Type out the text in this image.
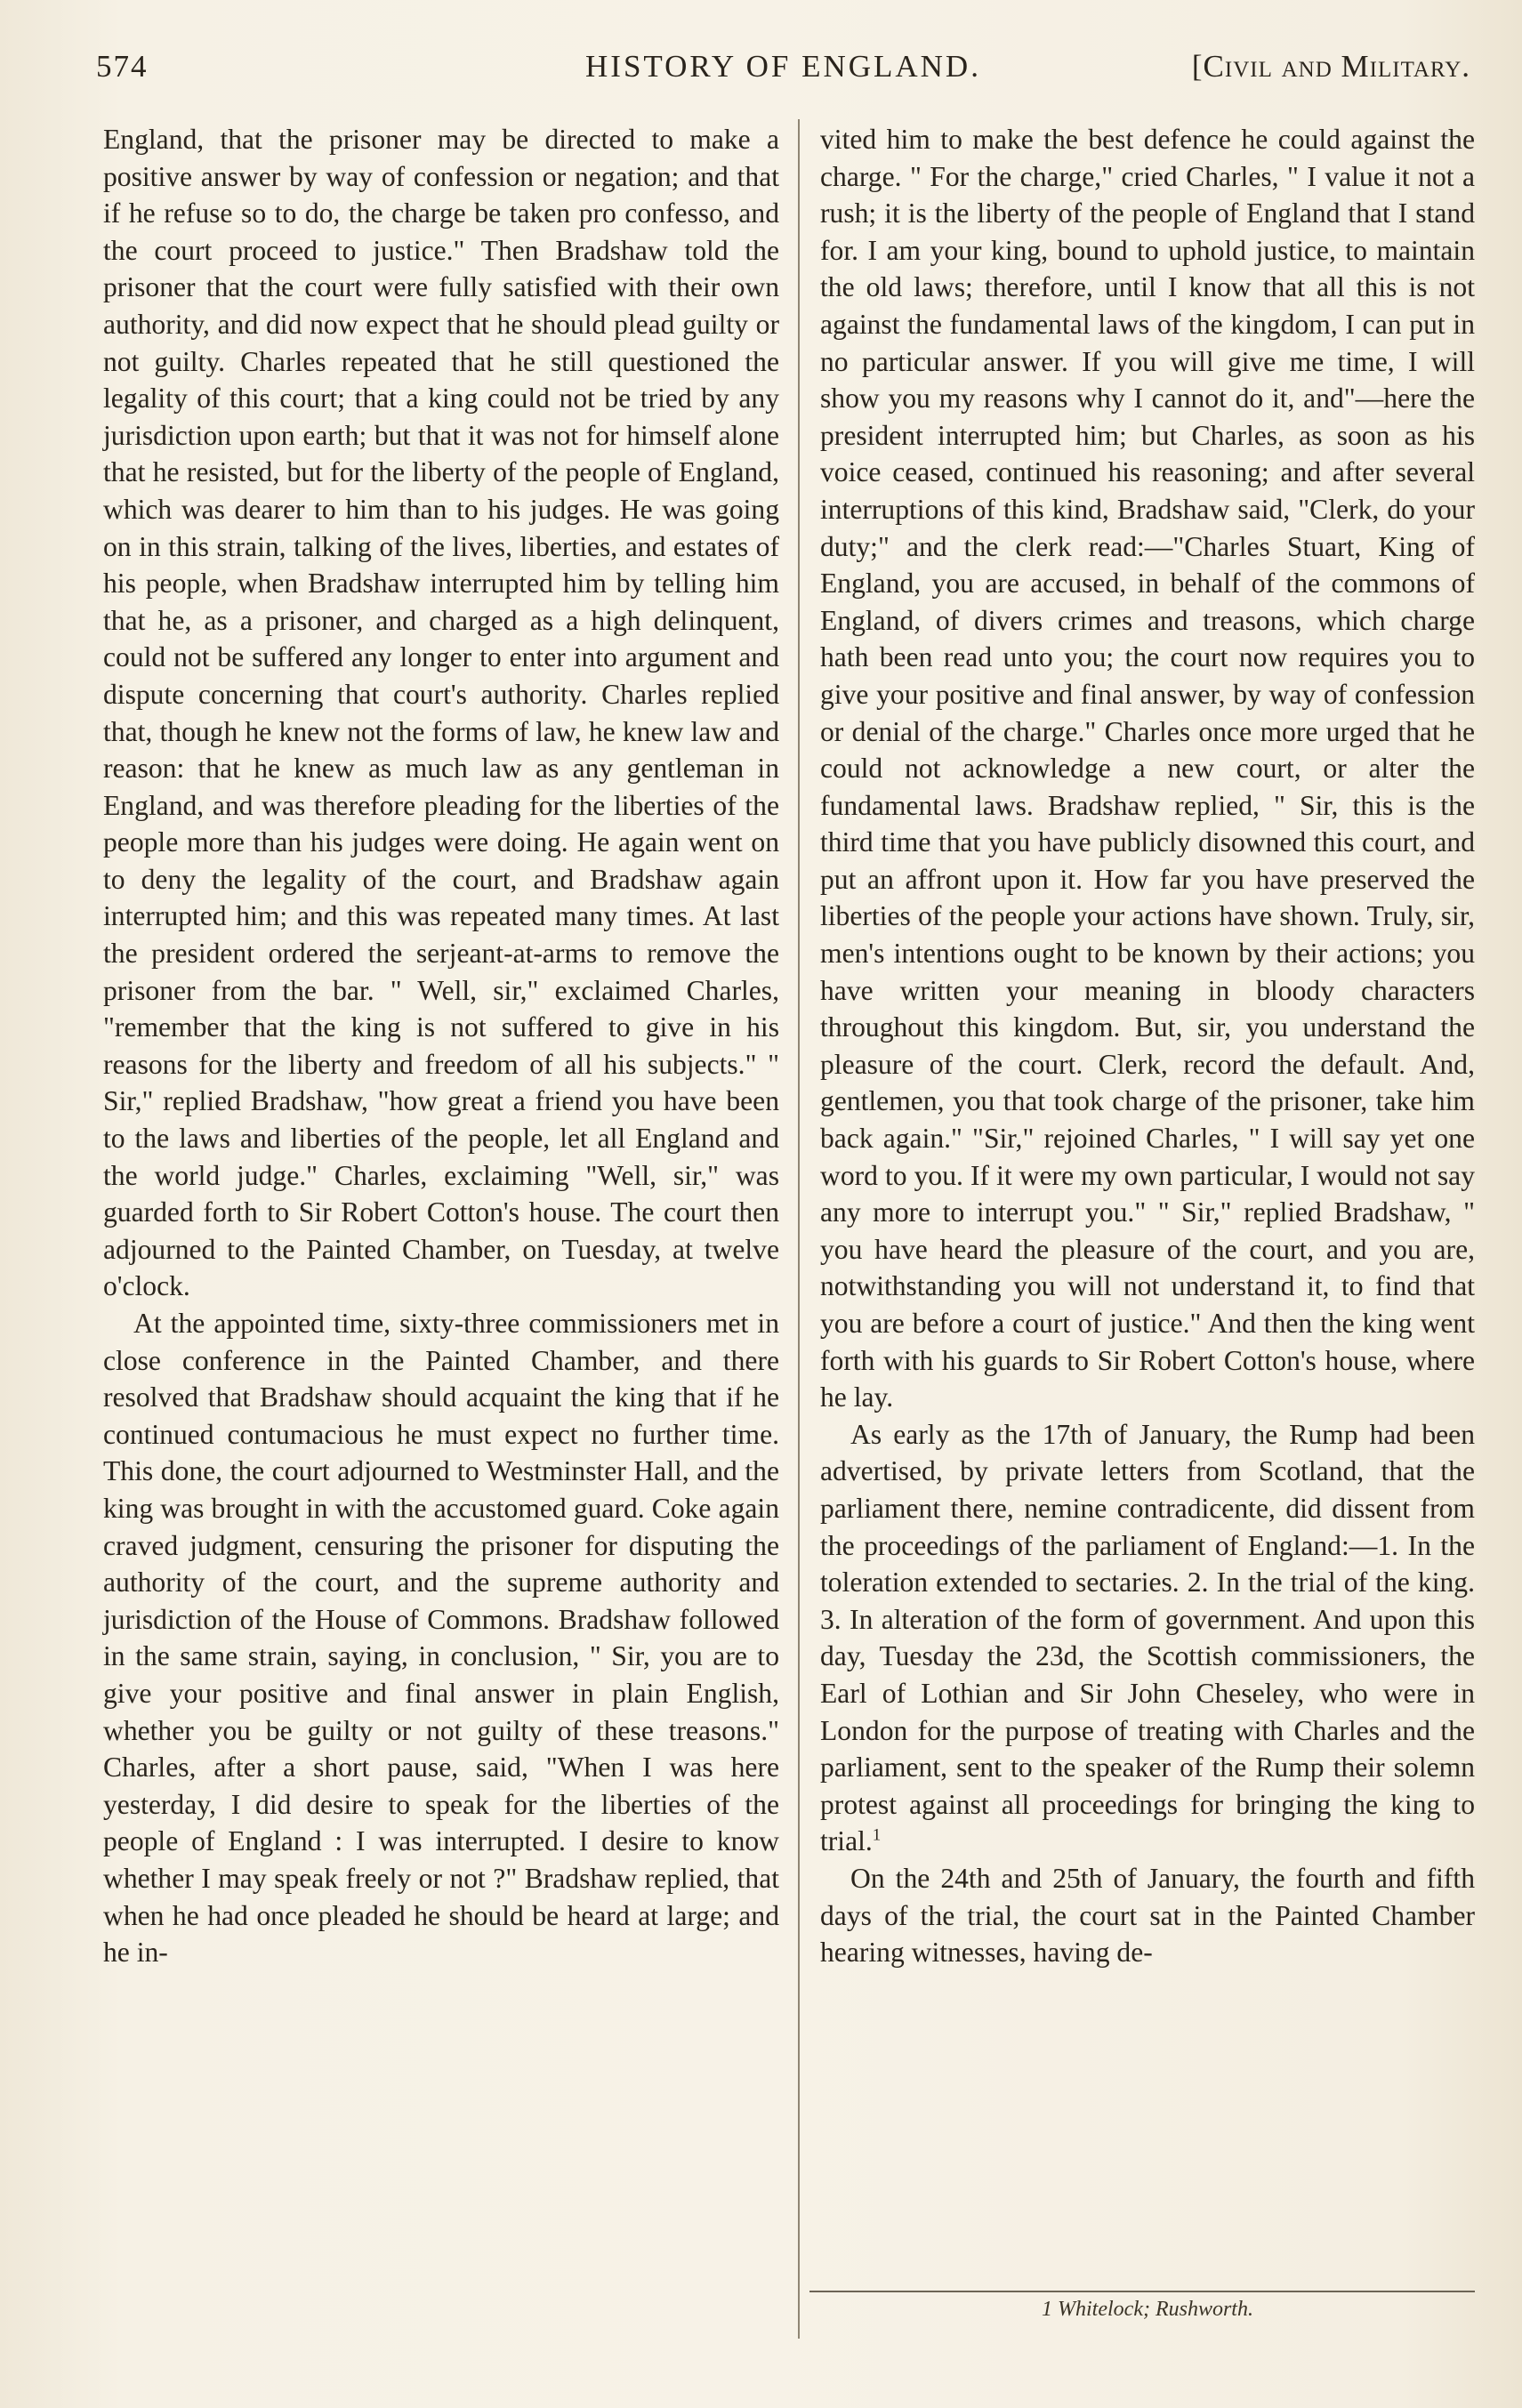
574	HISTORY OF ENGLAND.	[Civil and Military.

England, that the prisoner may be directed to make a positive answer by way of confession or negation; and that if he refuse so to do, the charge be taken pro confesso, and the court proceed to justice." Then Bradshaw told the prisoner that the court were fully satisfied with their own authority, and did now expect that he should plead guilty or not guilty. Charles repeated that he still questioned the legality of this court; that a king could not be tried by any jurisdiction upon earth; but that it was not for himself alone that he resisted, but for the liberty of the people of England, which was dearer to him than to his judges. He was going on in this strain, talking of the lives, liberties, and estates of his people, when Bradshaw interrupted him by telling him that he, as a prisoner, and charged as a high delinquent, could not be suffered any longer to enter into argument and dispute concerning that court's authority. Charles replied that, though he knew not the forms of law, he knew law and reason: that he knew as much law as any gentleman in England, and was therefore pleading for the liberties of the people more than his judges were doing. He again went on to deny the legality of the court, and Bradshaw again interrupted him; and this was repeated many times. At last the president ordered the serjeant-at-arms to remove the prisoner from the bar. " Well, sir," exclaimed Charles, "remember that the king is not suffered to give in his reasons for the liberty and freedom of all his subjects." " Sir," replied Bradshaw, "how great a friend you have been to the laws and liberties of the people, let all England and the world judge." Charles, exclaiming "Well, sir," was guarded forth to Sir Robert Cotton's house. The court then adjourned to the Painted Chamber, on Tuesday, at twelve o'clock.

At the appointed time, sixty-three commissioners met in close conference in the Painted Chamber, and there resolved that Bradshaw should acquaint the king that if he continued contumacious he must expect no further time. This done, the court adjourned to Westminster Hall, and the king was brought in with the accustomed guard. Coke again craved judgment, censuring the prisoner for disputing the authority of the court, and the supreme authority and jurisdiction of the House of Commons. Bradshaw followed in the same strain, saying, in conclusion, " Sir, you are to give your positive and final answer in plain English, whether you be guilty or not guilty of these treasons." Charles, after a short pause, said, "When I was here yesterday, I did desire to speak for the liberties of the people of England : I was interrupted. I desire to know whether I may speak freely or not ?" Bradshaw replied, that when he had once pleaded he should be heard at large; and he in-

vited him to make the best defence he could against the charge. " For the charge," cried Charles, " I value it not a rush; it is the liberty of the people of England that I stand for. I am your king, bound to uphold justice, to maintain the old laws; therefore, until I know that all this is not against the fundamental laws of the kingdom, I can put in no particular answer. If you will give me time, I will show you my reasons why I cannot do it, and"—here the president interrupted him; but Charles, as soon as his voice ceased, continued his reasoning; and after several interruptions of this kind, Bradshaw said, "Clerk, do your duty;" and the clerk read:—"Charles Stuart, King of England, you are accused, in behalf of the commons of England, of divers crimes and treasons, which charge hath been read unto you; the court now requires you to give your positive and final answer, by way of confession or denial of the charge." Charles once more urged that he could not acknowledge a new court, or alter the fundamental laws. Bradshaw replied, " Sir, this is the third time that you have publicly disowned this court, and put an affront upon it. How far you have preserved the liberties of the people your actions have shown. Truly, sir, men's intentions ought to be known by their actions; you have written your meaning in bloody characters throughout this kingdom. But, sir, you understand the pleasure of the court. Clerk, record the default. And, gentlemen, you that took charge of the prisoner, take him back again." "Sir," rejoined Charles, " I will say yet one word to you. If it were my own particular, I would not say any more to interrupt you." " Sir," replied Bradshaw, " you have heard the pleasure of the court, and you are, notwithstanding you will not understand it, to find that you are before a court of justice." And then the king went forth with his guards to Sir Robert Cotton's house, where he lay.

As early as the 17th of January, the Rump had been advertised, by private letters from Scotland, that the parliament there, nemine contradicente, did dissent from the proceedings of the parliament of England:—1. In the toleration extended to sectaries. 2. In the trial of the king. 3. In alteration of the form of government. And upon this day, Tuesday the 23d, the Scottish commissioners, the Earl of Lothian and Sir John Cheseley, who were in London for the purpose of treating with Charles and the parliament, sent to the speaker of the Rump their solemn protest against all proceedings for bringing the king to trial.$^1$

On the 24th and 25th of January, the fourth and fifth days of the trial, the court sat in the Painted Chamber hearing witnesses, having de-

1 Whitelock; Rushworth.
